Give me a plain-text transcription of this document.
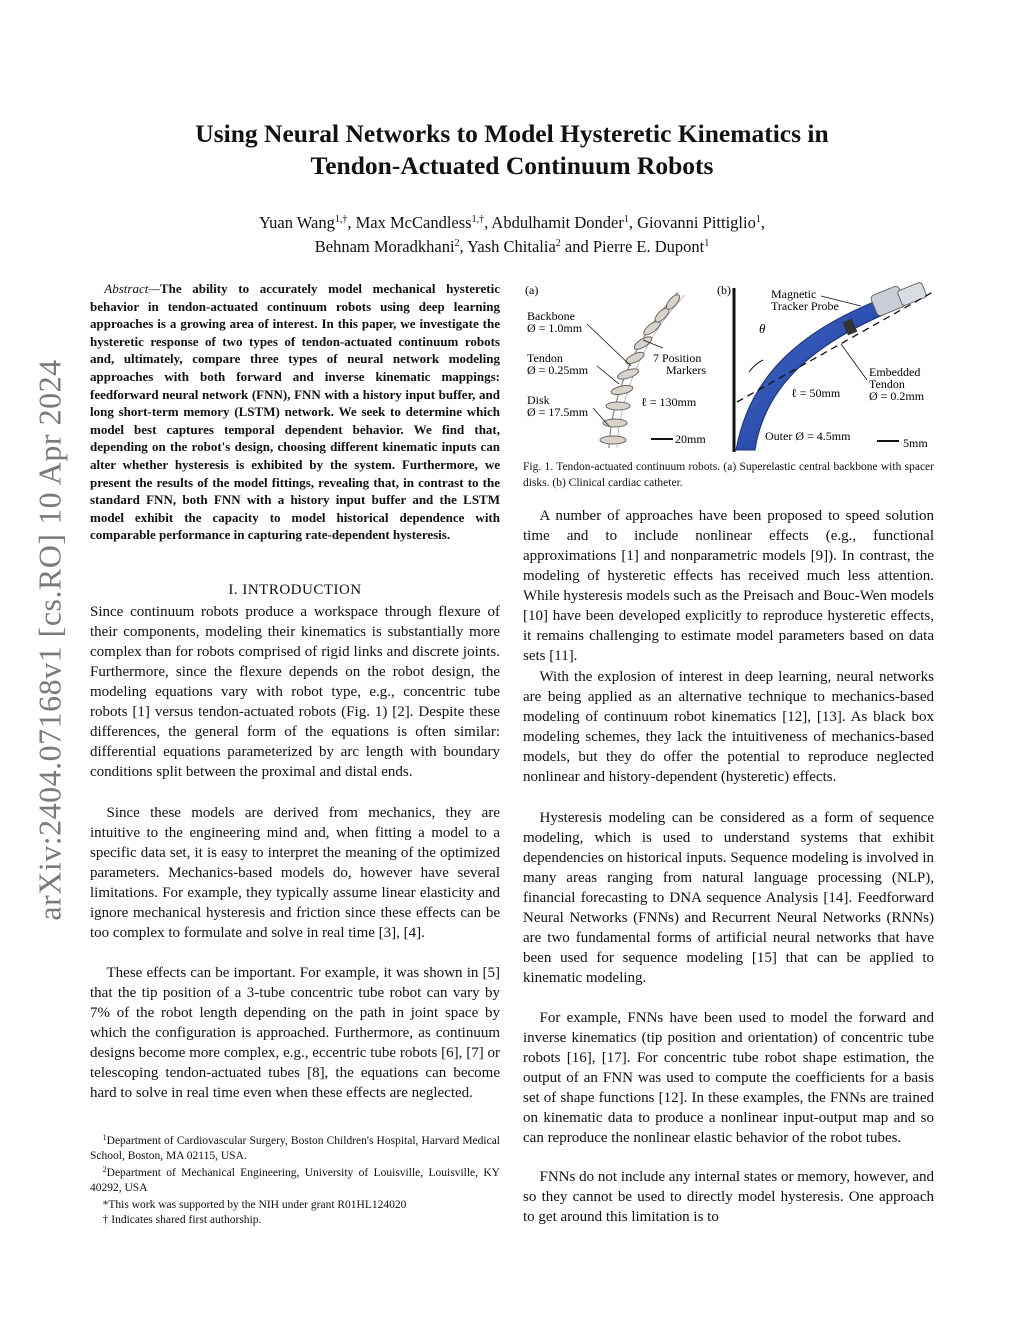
arXiv:2404.07168v1 [cs.RO] 10 Apr 2024
Using Neural Networks to Model Hysteretic Kinematics in
Tendon-Actuated Continuum Robots
Yuan Wang$^{1,\dagger}$, Max McCandless$^{1,\dagger}$, Abdulhamit Donder$^1$, Giovanni Pittiglio$^1$,
Behnam Moradkhani$^2$, Yash Chitalia$^2$ and Pierre E. Dupont$^1$
Abstract—The ability to accurately model mechanical hysteretic behavior in tendon-actuated continuum robots using deep learning approaches is a growing area of interest. In this paper, we investigate the hysteretic response of two types of tendon-actuated continuum robots and, ultimately, compare three types of neural network modeling approaches with both forward and inverse kinematic mappings: feedforward neural network (FNN), FNN with a history input buffer, and long short-term memory (LSTM) network. We seek to determine which model best captures temporal dependent behavior. We find that, depending on the robot's design, choosing different kinematic inputs can alter whether hysteresis is exhibited by the system. Furthermore, we present the results of the model fittings, revealing that, in contrast to the standard FNN, both FNN with a history input buffer and the LSTM model exhibit the capacity to model historical dependence with comparable performance in capturing rate-dependent hysteresis.
I. INTRODUCTION
Since continuum robots produce a workspace through flexure of their components, modeling their kinematics is substantially more complex than for robots comprised of rigid links and discrete joints. Furthermore, since the flexure depends on the robot design, the modeling equations vary with robot type, e.g., concentric tube robots [1] versus tendon-actuated robots (Fig. 1) [2]. Despite these differences, the general form of the equations is often similar: differential equations parameterized by arc length with boundary conditions split between the proximal and distal ends.
Since these models are derived from mechanics, they are intuitive to the engineering mind and, when fitting a model to a specific data set, it is easy to interpret the meaning of the optimized parameters. Mechanics-based models do, however have several limitations. For example, they typically assume linear elasticity and ignore mechanical hysteresis and friction since these effects can be too complex to formulate and solve in real time [3], [4].
These effects can be important. For example, it was shown in [5] that the tip position of a 3-tube concentric tube robot can vary by 7% of the robot length depending on the path in joint space by which the configuration is approached. Furthermore, as continuum designs become more complex, e.g., eccentric tube robots [6], [7] or telescoping tendon-actuated tubes [8], the equations can become hard to solve in real time even when these effects are neglected.
$^1$Department of Cardiovascular Surgery, Boston Children's Hospital, Harvard Medical School, Boston, MA 02115, USA.
$^2$Department of Mechanical Engineering, University of Louisville, Louisville, KY 40292, USA
*This work was supported by the NIH under grant R01HL124020
† Indicates shared first authorship.
(a)
Backbone
Ø = 1.0mm
Tendon
Ø = 0.25mm
Disk
Ø = 17.5mm
7 Position
Markers
ℓ = 130mm
20mm
(b)
θ
Magnetic
Tracker Probe
ℓ = 50mm
Embedded
Tendon
Ø = 0.2mm
Outer Ø = 4.5mm	5mm
Fig. 1. Tendon-actuated continuum robots. (a) Superelastic central backbone with spacer disks. (b) Clinical cardiac catheter.
A number of approaches have been proposed to speed solution time and to include nonlinear effects (e.g., functional approximations [1] and nonparametric models [9]). In contrast, the modeling of hysteretic effects has received much less attention. While hysteresis models such as the Preisach and Bouc-Wen models [10] have been developed explicitly to reproduce hysteretic effects, it remains challenging to estimate model parameters based on data sets [11].
With the explosion of interest in deep learning, neural networks are being applied as an alternative technique to mechanics-based modeling of continuum robot kinematics [12], [13]. As black box modeling schemes, they lack the intuitiveness of mechanics-based models, but they do offer the potential to reproduce neglected nonlinear and history-dependent (hysteretic) effects.
Hysteresis modeling can be considered as a form of sequence modeling, which is used to understand systems that exhibit dependencies on historical inputs. Sequence modeling is involved in many areas ranging from natural language processing (NLP), financial forecasting to DNA sequence Analysis [14]. Feedforward Neural Networks (FNNs) and Recurrent Neural Networks (RNNs) are two fundamental forms of artificial neural networks that have been used for sequence modeling [15] that can be applied to kinematic modeling.
For example, FNNs have been used to model the forward and inverse kinematics (tip position and orientation) of concentric tube robots [16], [17]. For concentric tube robot shape estimation, the output of an FNN was used to compute the coefficients for a basis set of shape functions [12]. In these examples, the FNNs are trained on kinematic data to produce a nonlinear input-output map and so can reproduce the nonlinear elastic behavior of the robot tubes.
FNNs do not include any internal states or memory, however, and so they cannot be used to directly model hysteresis. One approach to get around this limitation is to
